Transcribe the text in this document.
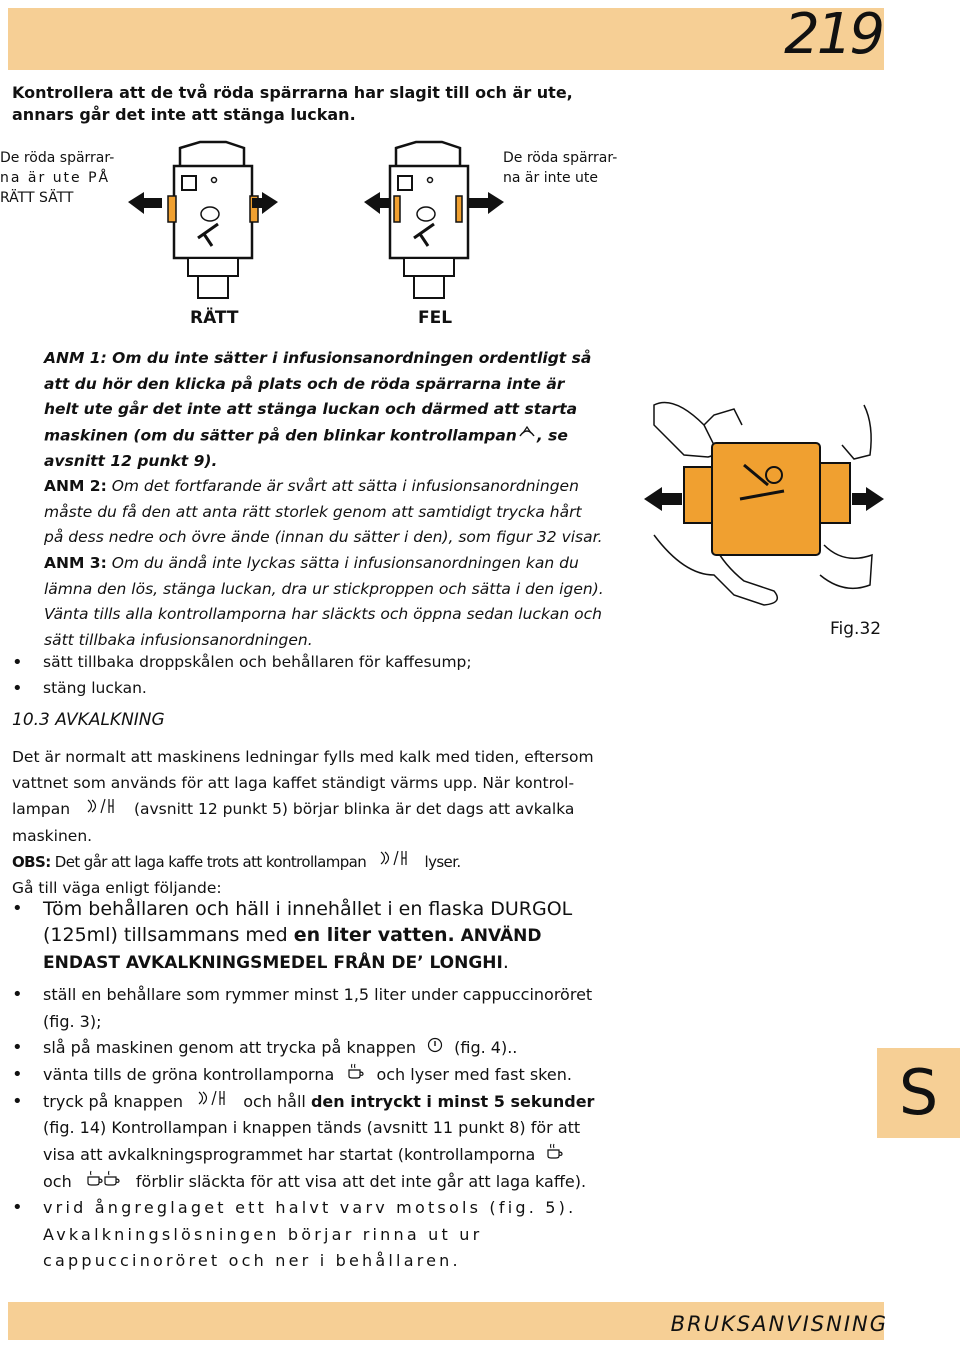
219
Kontrollera att de två röda spärrarna har slagit till och är ute, annars går det inte att stänga luckan.
De röda spärrar-
na är ute PÅ
RÄTT SÄTT
De röda spärrar-
na är inte ute
RÄTT	FEL

ANM 1: Om du inte sätter i infusionsanordningen ordentligt så att du hör den klicka på plats och de röda spärrarna inte är helt ute går det inte att stänga luckan och därmed att starta maskinen (om du sätter på den blinkar kontrollampan , se avsnitt 12 punkt 9).

ANM 2: Om det fortfarande är svårt att sätta i infusionsanordningen måste du få den att anta rätt storlek genom att samtidigt trycka hårt på dess nedre och övre ände (innan du sätter i den), som figur 32 visar.

ANM 3: Om du ändå inte lyckas sätta i infusionsanordningen kan du lämna den lös, stänga luckan, dra ur stickproppen och sätta i den igen). Vänta tills alla kontrollamporna har släckts och öppna sedan luckan och sätt tillbaka infusionsanordningen.

• sätt tillbaka droppskålen och behållaren för kaffesump;
• stäng luckan.
Fig.32
10.3 AVKALKNING

Det är normalt att maskinens ledningar fylls med kalk med tiden, eftersom vattnet som används för att laga kaffet ständigt värms upp. När kontrol- lampan	(avsnitt 12 punkt 5) börjar blinka är det dags att avkalka maskinen.

OBS: Det går att laga kaffe trots att kontrollampan	lyser.

Gå till väga enligt följande:

• Töm behållaren och häll i innehållet i en flaska DURGOL (125ml) tillsammans med en liter vatten. ANVÄND ENDAST AVKALKNINGSMEDEL FRÅN DE’ LONGHI.
• ställ en behållare som rymmer minst 1,5 liter under cappuccinoröret (fig. 3);
• slå på maskinen genom att trycka på knappen (fig. 4)..
• vänta tills de gröna kontrollamporna	och lyser med fast sken.
• tryck på knappen	och håll den intryckt i minst 5 sekunder (fig. 14) Kontrollampan i knappen tänds (avsnitt 11 punkt 8) för att visa att avkalkningsprogrammet har startat (kontrollamporna  och	förblir släckta för att visa att det inte går att laga kaffe).
• vrid ångreglaget ett halvt varv motsols (fig. 5). Avkalkningslösningen börjar rinna ut ur cappuccinoröret och ner i behållaren.
S
BRUKSANVISNING
